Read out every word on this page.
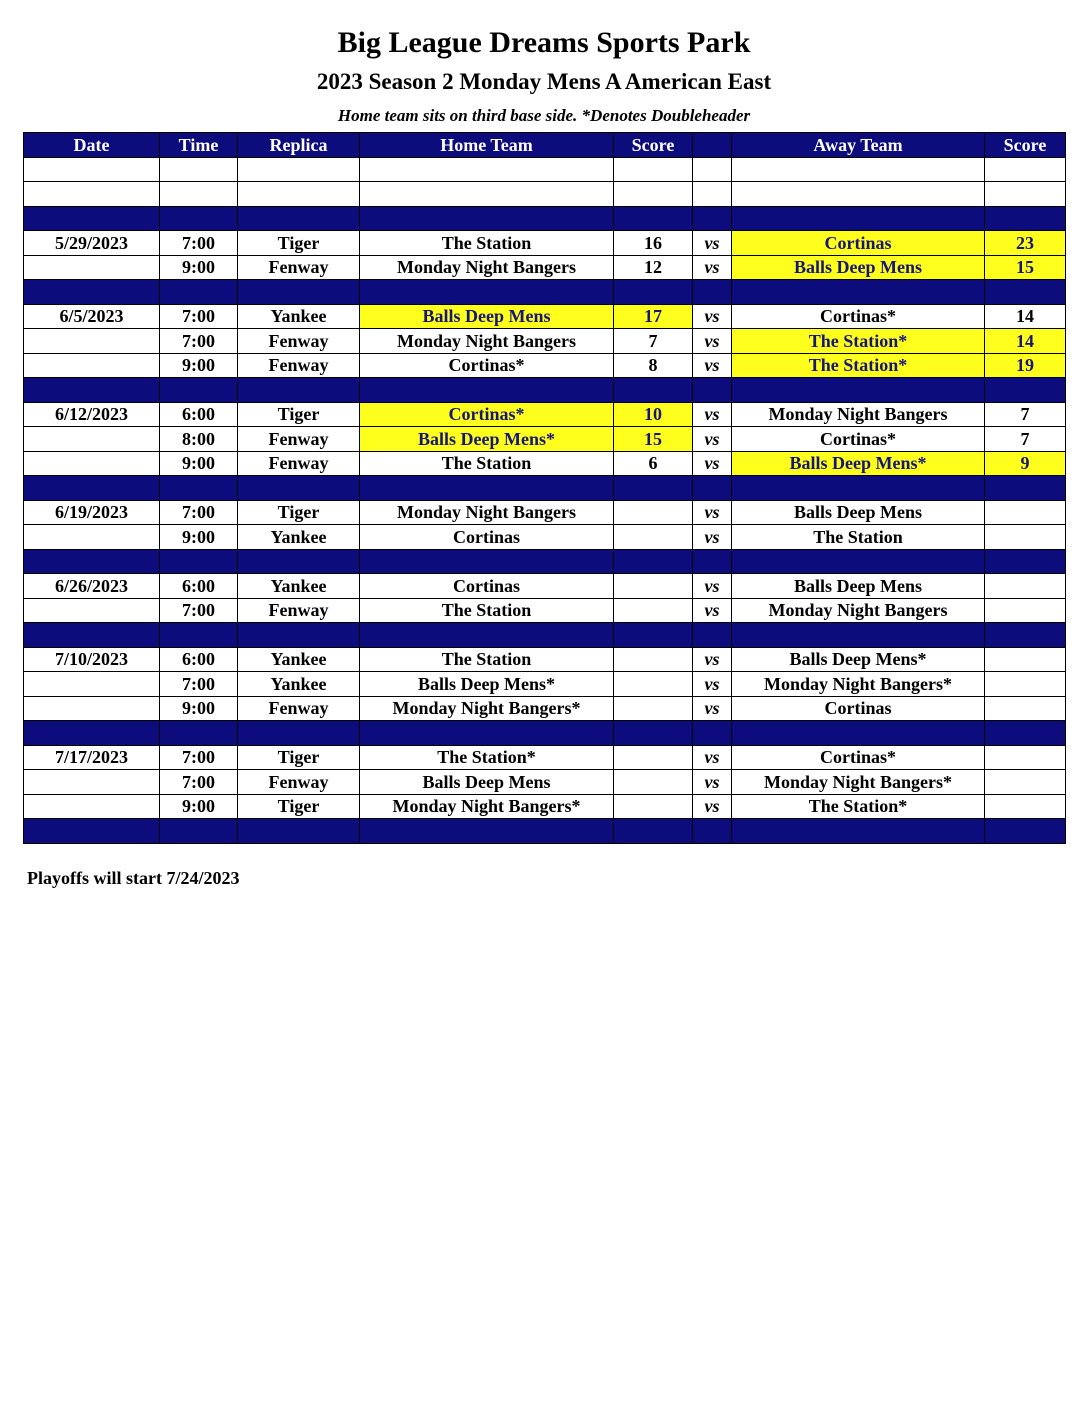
Big League Dreams Sports Park
2023 Season 2 Monday Mens A American East
Home team sits on third base side. *Denotes Doubleheader
Date	Time	Replica	Home Team	Score		Away Team	Score

5/29/2023	7:00	Tiger	The Station	16	vs	Cortinas	23
	9:00	Fenway	Monday Night Bangers	12	vs	Balls Deep Mens	15

6/5/2023	7:00	Yankee	Balls Deep Mens	17	vs	Cortinas*	14
	7:00	Fenway	Monday Night Bangers	7	vs	The Station*	14
	9:00	Fenway	Cortinas*	8	vs	The Station*	19

6/12/2023	6:00	Tiger	Cortinas*	10	vs	Monday Night Bangers	7
	8:00	Fenway	Balls Deep Mens*	15	vs	Cortinas*	7
	9:00	Fenway	The Station	6	vs	Balls Deep Mens*	9

6/19/2023	7:00	Tiger	Monday Night Bangers		vs	Balls Deep Mens	
	9:00	Yankee	Cortinas		vs	The Station	

6/26/2023	6:00	Yankee	Cortinas		vs	Balls Deep Mens	
	7:00	Fenway	The Station		vs	Monday Night Bangers	

7/10/2023	6:00	Yankee	The Station		vs	Balls Deep Mens*	
	7:00	Yankee	Balls Deep Mens*		vs	Monday Night Bangers*	
	9:00	Fenway	Monday Night Bangers*		vs	Cortinas	

7/17/2023	7:00	Tiger	The Station*		vs	Cortinas*	
	7:00	Fenway	Balls Deep Mens		vs	Monday Night Bangers*	
	9:00	Tiger	Monday Night Bangers*		vs	The Station*	

Playoffs will start 7/24/2023
